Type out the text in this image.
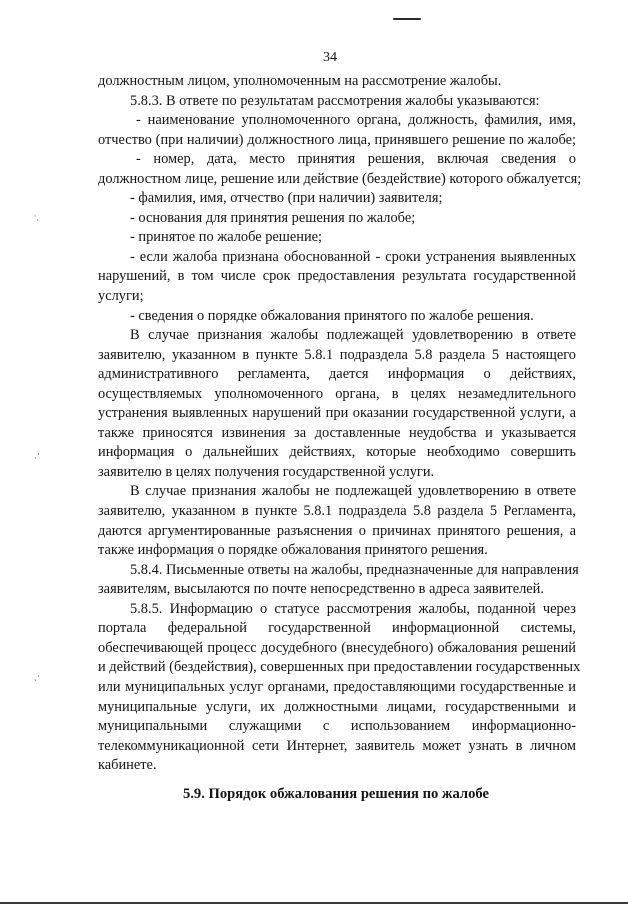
∙ˏ
ˎ·
ˎ·
34
должностным лицом, уполномоченным на рассмотрение жалобы.
5.8.3. В ответе по результатам рассмотрения жалобы указываются:
- наименование уполномоченного органа, должность, фамилия, имя,
отчество (при наличии) должностного лица, принявшего решение по жалобе;
- номер, дата, место принятия решения, включая сведения о
должностном лице, решение или действие (бездействие) которого обжалуется;
- фамилия, имя, отчество (при наличии) заявителя;
- основания для принятия решения по жалобе;
- принятое по жалобе решение;
- если жалоба признана обоснованной - сроки устранения выявленных
нарушений, в том числе срок предоставления результата государственной
услуги;
- сведения о порядке обжалования принятого по жалобе решения.
В случае признания жалобы подлежащей удовлетворению в ответе
заявителю, указанном в пункте 5.8.1 подраздела 5.8 раздела 5 настоящего
административного регламента, дается информация о действиях,
осуществляемых уполномоченного органа, в целях незамедлительного
устранения выявленных нарушений при оказании государственной услуги, а
также приносятся извинения за доставленные неудобства и указывается
информация о дальнейших действиях, которые необходимо совершить
заявителю в целях получения государственной услуги.
В случае признания жалобы не подлежащей удовлетворению в ответе
заявителю, указанном в пункте 5.8.1 подраздела 5.8 раздела 5 Регламента,
даются аргументированные разъяснения о причинах принятого решения, а
также информация о порядке обжалования принятого решения.
5.8.4. Письменные ответы на жалобы, предназначенные для направления
заявителям, высылаются по почте непосредственно в адреса заявителей.
5.8.5. Информацию о статусе рассмотрения жалобы, поданной через
портала федеральной государственной информационной системы,
обеспечивающей процесс досудебного (внесудебного) обжалования решений
и действий (бездействия), совершенных при предоставлении государственных
или муниципальных услуг органами, предоставляющими государственные и
муниципальные услуги, их должностными лицами, государственными и
муниципальными служащими с использованием информационно-
телекоммуникационной сети Интернет, заявитель может узнать в личном
кабинете.
5.9. Порядок обжалования решения по жалобе
